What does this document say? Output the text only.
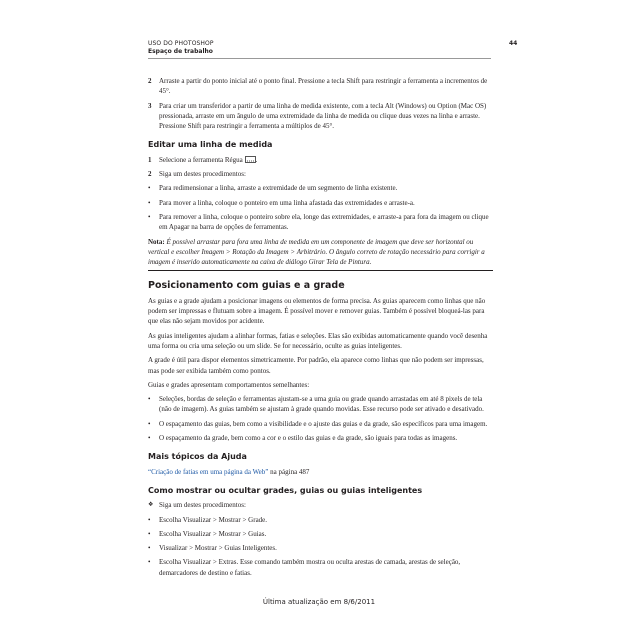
USO DO PHOTOSHOP
Espaço de trabalho
44

2 Arraste a partir do ponto inicial até o ponto final. Pressione a tecla Shift para restringir a ferramenta a incrementos de 45°.

3 Para criar um transferidor a partir de uma linha de medida existente, com a tecla Alt (Windows) ou Option (Mac OS) pressionada, arraste em um ângulo de uma extremidade da linha de medida ou clique duas vezes na linha e arraste. Pressione Shift para restringir a ferramenta a múltiplos de 45°.

Editar uma linha de medida

1 Selecione a ferramenta Régua .

2 Siga um destes procedimentos:

• Para redimensionar a linha, arraste a extremidade de um segmento de linha existente.

• Para mover a linha, coloque o ponteiro em uma linha afastada das extremidades e arraste-a.

• Para remover a linha, coloque o ponteiro sobre ela, longe das extremidades, e arraste-a para fora da imagem ou clique em Apagar na barra de opções de ferramentas.

Nota: É possível arrastar para fora uma linha de medida em um componente de imagem que deve ser horizontal ou vertical e escolher Imagem > Rotação da Imagem > Arbitrário. O ângulo correto de rotação necessário para corrigir a imagem é inserido automaticamente na caixa de diálogo Girar Tela de Pintura.

Posicionamento com guias e a grade

As guias e a grade ajudam a posicionar imagens ou elementos de forma precisa. As guias aparecem como linhas que não podem ser impressas e flutuam sobre a imagem. É possível mover e remover guias. Também é possível bloqueá-las para que elas não sejam movidos por acidente.

As guias inteligentes ajudam a alinhar formas, fatias e seleções. Elas são exibidas automaticamente quando você desenha uma forma ou cria uma seleção ou um slide. Se for necessário, oculte as guias inteligentes.

A grade é útil para dispor elementos simetricamente. Por padrão, ela aparece como linhas que não podem ser impressas, mas pode ser exibida também como pontos.

Guias e grades apresentam comportamentos semelhantes:

• Seleções, bordas de seleção e ferramentas ajustam-se a uma guia ou grade quando arrastadas em até 8 pixels de tela (não de imagem). As guias também se ajustam à grade quando movidas. Esse recurso pode ser ativado e desativado.

• O espaçamento das guias, bem como a visibilidade e o ajuste das guias e da grade, são específicos para uma imagem.

• O espaçamento da grade, bem como a cor e o estilo das guias e da grade, são iguais para todas as imagens.

Mais tópicos da Ajuda

“Criação de fatias em uma página da Web” na página 487

Como mostrar ou ocultar grades, guias ou guias inteligentes

❖ Siga um destes procedimentos:

• Escolha Visualizar > Mostrar > Grade.

• Escolha Visualizar > Mostrar > Guias.

• Visualizar > Mostrar > Guias Inteligentes.

• Escolha Visualizar > Extras. Esse comando também mostra ou oculta arestas de camada, arestas de seleção, demarcadores de destino e fatias.

Última atualização em 8/6/2011
